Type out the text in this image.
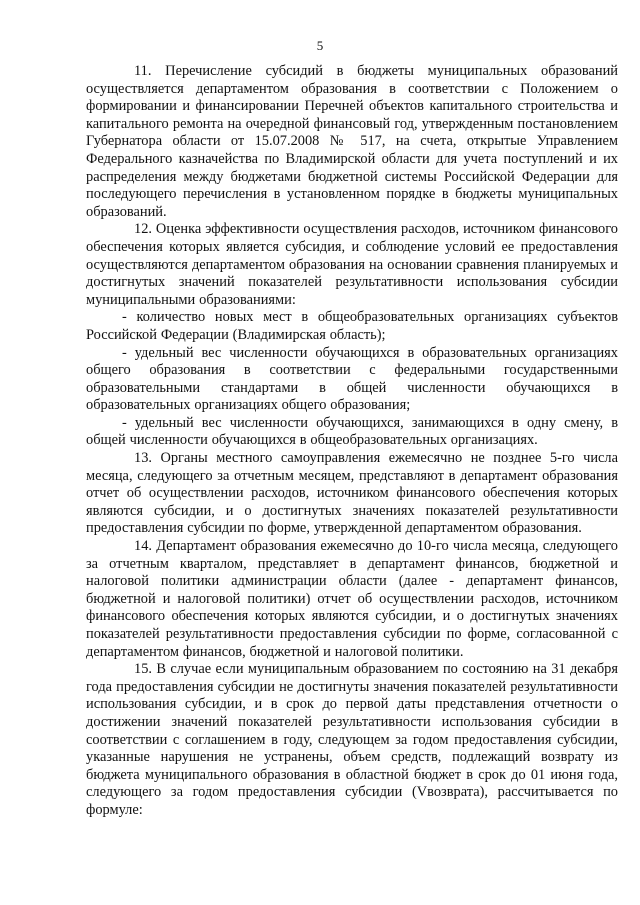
5

11. Перечисление субсидий в бюджеты муниципальных образований осуществляется департаментом образования в соответствии с Положением о формировании и финансировании Перечней объектов капитального строительства и капитального ремонта на очередной финансовый год, утвержденным постановлением Губернатора области от 15.07.2008 № 517, на счета, открытые Управлением Федерального казначейства по Владимирской области для учета поступлений и их распределения между бюджетами бюджетной системы Российской Федерации для последующего перечисления в установленном порядке в бюджеты муниципальных образований.

12. Оценка эффективности осуществления расходов, источником финансового обеспечения которых является субсидия, и соблюдение условий ее предоставления осуществляются департаментом образования на основании сравнения планируемых и достигнутых значений показателей результативности использования субсидии муниципальными образованиями:

- количество новых мест в общеобразовательных организациях субъектов Российской Федерации (Владимирская область);

- удельный вес численности обучающихся в образовательных организациях общего образования в соответствии с федеральными государственными образовательными стандартами в общей численности обучающихся в образовательных организациях общего образования;

- удельный вес численности обучающихся, занимающихся в одну смену, в общей численности обучающихся в общеобразовательных организациях.

13. Органы местного самоуправления ежемесячно не позднее 5-го числа месяца, следующего за отчетным месяцем, представляют в департамент образования отчет об осуществлении расходов, источником финансового обеспечения которых являются субсидии, и о достигнутых значениях показателей результативности предоставления субсидии по форме, утвержденной департаментом образования.

14. Департамент образования ежемесячно до 10-го числа месяца, следующего за отчетным кварталом, представляет в департамент финансов, бюджетной и налоговой политики администрации области (далее - департамент финансов, бюджетной и налоговой политики) отчет об осуществлении расходов, источником финансового обеспечения которых являются субсидии, и о достигнутых значениях показателей результативности предоставления субсидии по форме, согласованной с департаментом финансов, бюджетной и налоговой политики.

15. В случае если муниципальным образованием по состоянию на 31 декабря года предоставления субсидии не достигнуты значения показателей результативности использования субсидии, и в срок до первой даты представления отчетности о достижении значений показателей результативности использования субсидии в соответствии с соглашением в году, следующем за годом предоставления субсидии, указанные нарушения не устранены, объем средств, подлежащий возврату из бюджета муниципального образования в областной бюджет в срок до 01 июня года, следующего за годом предоставления субсидии (Vвозврата), рассчитывается по формуле:
